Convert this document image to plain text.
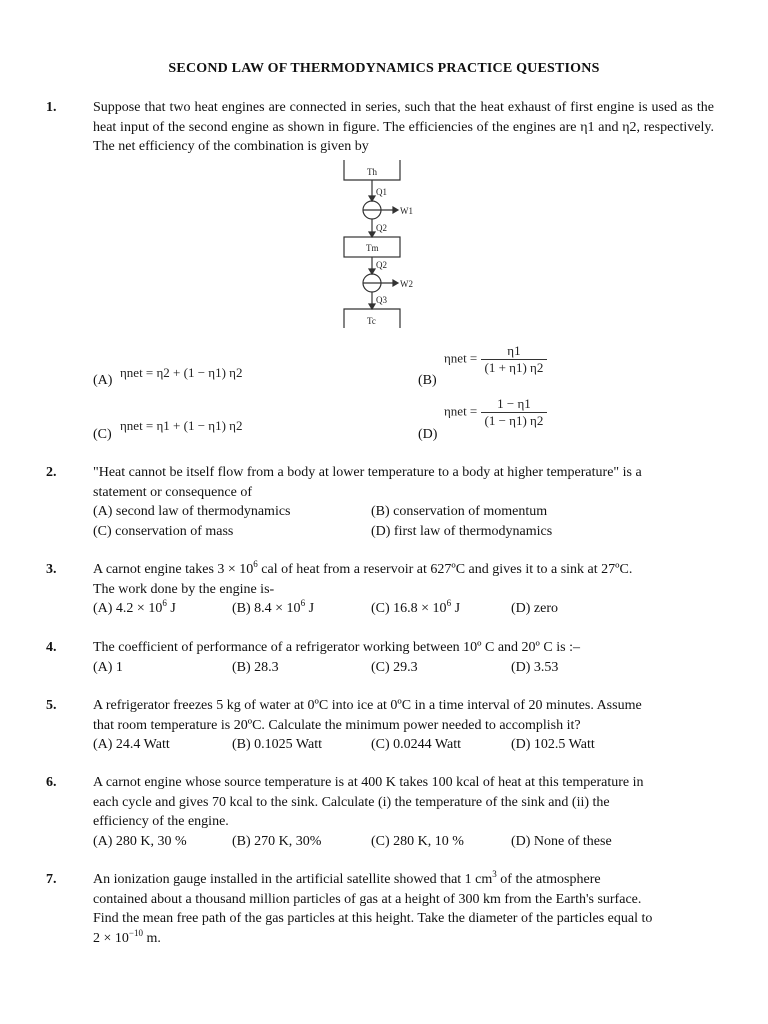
SECOND LAW OF THERMODYNAMICS PRACTICE QUESTIONS
1.	Suppose that two heat engines are connected in series, such that the heat exhaust of first engine is used as the heat input of the second engine as shown in figure. The efficiencies of the engines are η1 and η2, respectively. The net efficiency of the combination is given by
Th
Q1
W1
Q2
Tm
Q2
W2
Q3
Tc
(A)
ηnet = η2 + (1 − η1) η2
(B)
$\eta net = \frac{\eta 1}{(1 + \eta 1) \eta 2}$
(C)
ηnet = η1 + (1 − η1) η2
(D)
$\eta net = \frac{1 - \eta 1}{(1 - \eta 1) \eta 2}$
2.	"Heat cannot be itself flow from a body at lower temperature to a body at higher temperature" is a
statement or consequence of
(A) second law of thermodynamics	(B) conservation of momentum
(C) conservation of mass	(D) first law of thermodynamics
3.	A carnot engine takes $3 \times 10^6$ cal of heat from a reservoir at 627ºC and gives it to a sink at 27ºC.
The work done by the engine is-
(A) $4.2 \times 10^6$ J	(B) $8.4 \times 10^6$ J	(C) $16.8 \times 10^6$ J	(D) zero
4.	The coefficient of performance of a refrigerator working between 10º C and 20º C is :–
(A) 1	(B) 28.3	(C) 29.3	(D) 3.53
5.	A refrigerator freezes 5 kg of water at 0ºC into ice at 0ºC in a time interval of 20 minutes. Assume
that room temperature is 20ºC. Calculate the minimum power needed to accomplish it?
(A) 24.4 Watt	(B) 0.1025 Watt	(C) 0.0244 Watt	(D) 102.5 Watt
6.	A carnot engine whose source temperature is at 400 K takes 100 kcal of heat at this temperature in
each cycle and gives 70 kcal to the sink. Calculate (i) the temperature of the sink and (ii) the
efficiency of the engine.
(A) 280 K, 30 %	(B) 270 K, 30%	(C) 280 K, 10 %	(D) None of these
7.	An ionization gauge installed in the artificial satellite showed that 1 $cm^3$ of the atmosphere
contained about a thousand million particles of gas at a height of 300 km from the Earth's surface.
Find the mean free path of the gas particles at this height. Take the diameter of the particles equal to
$2 \times 10^{-10}$ m.
